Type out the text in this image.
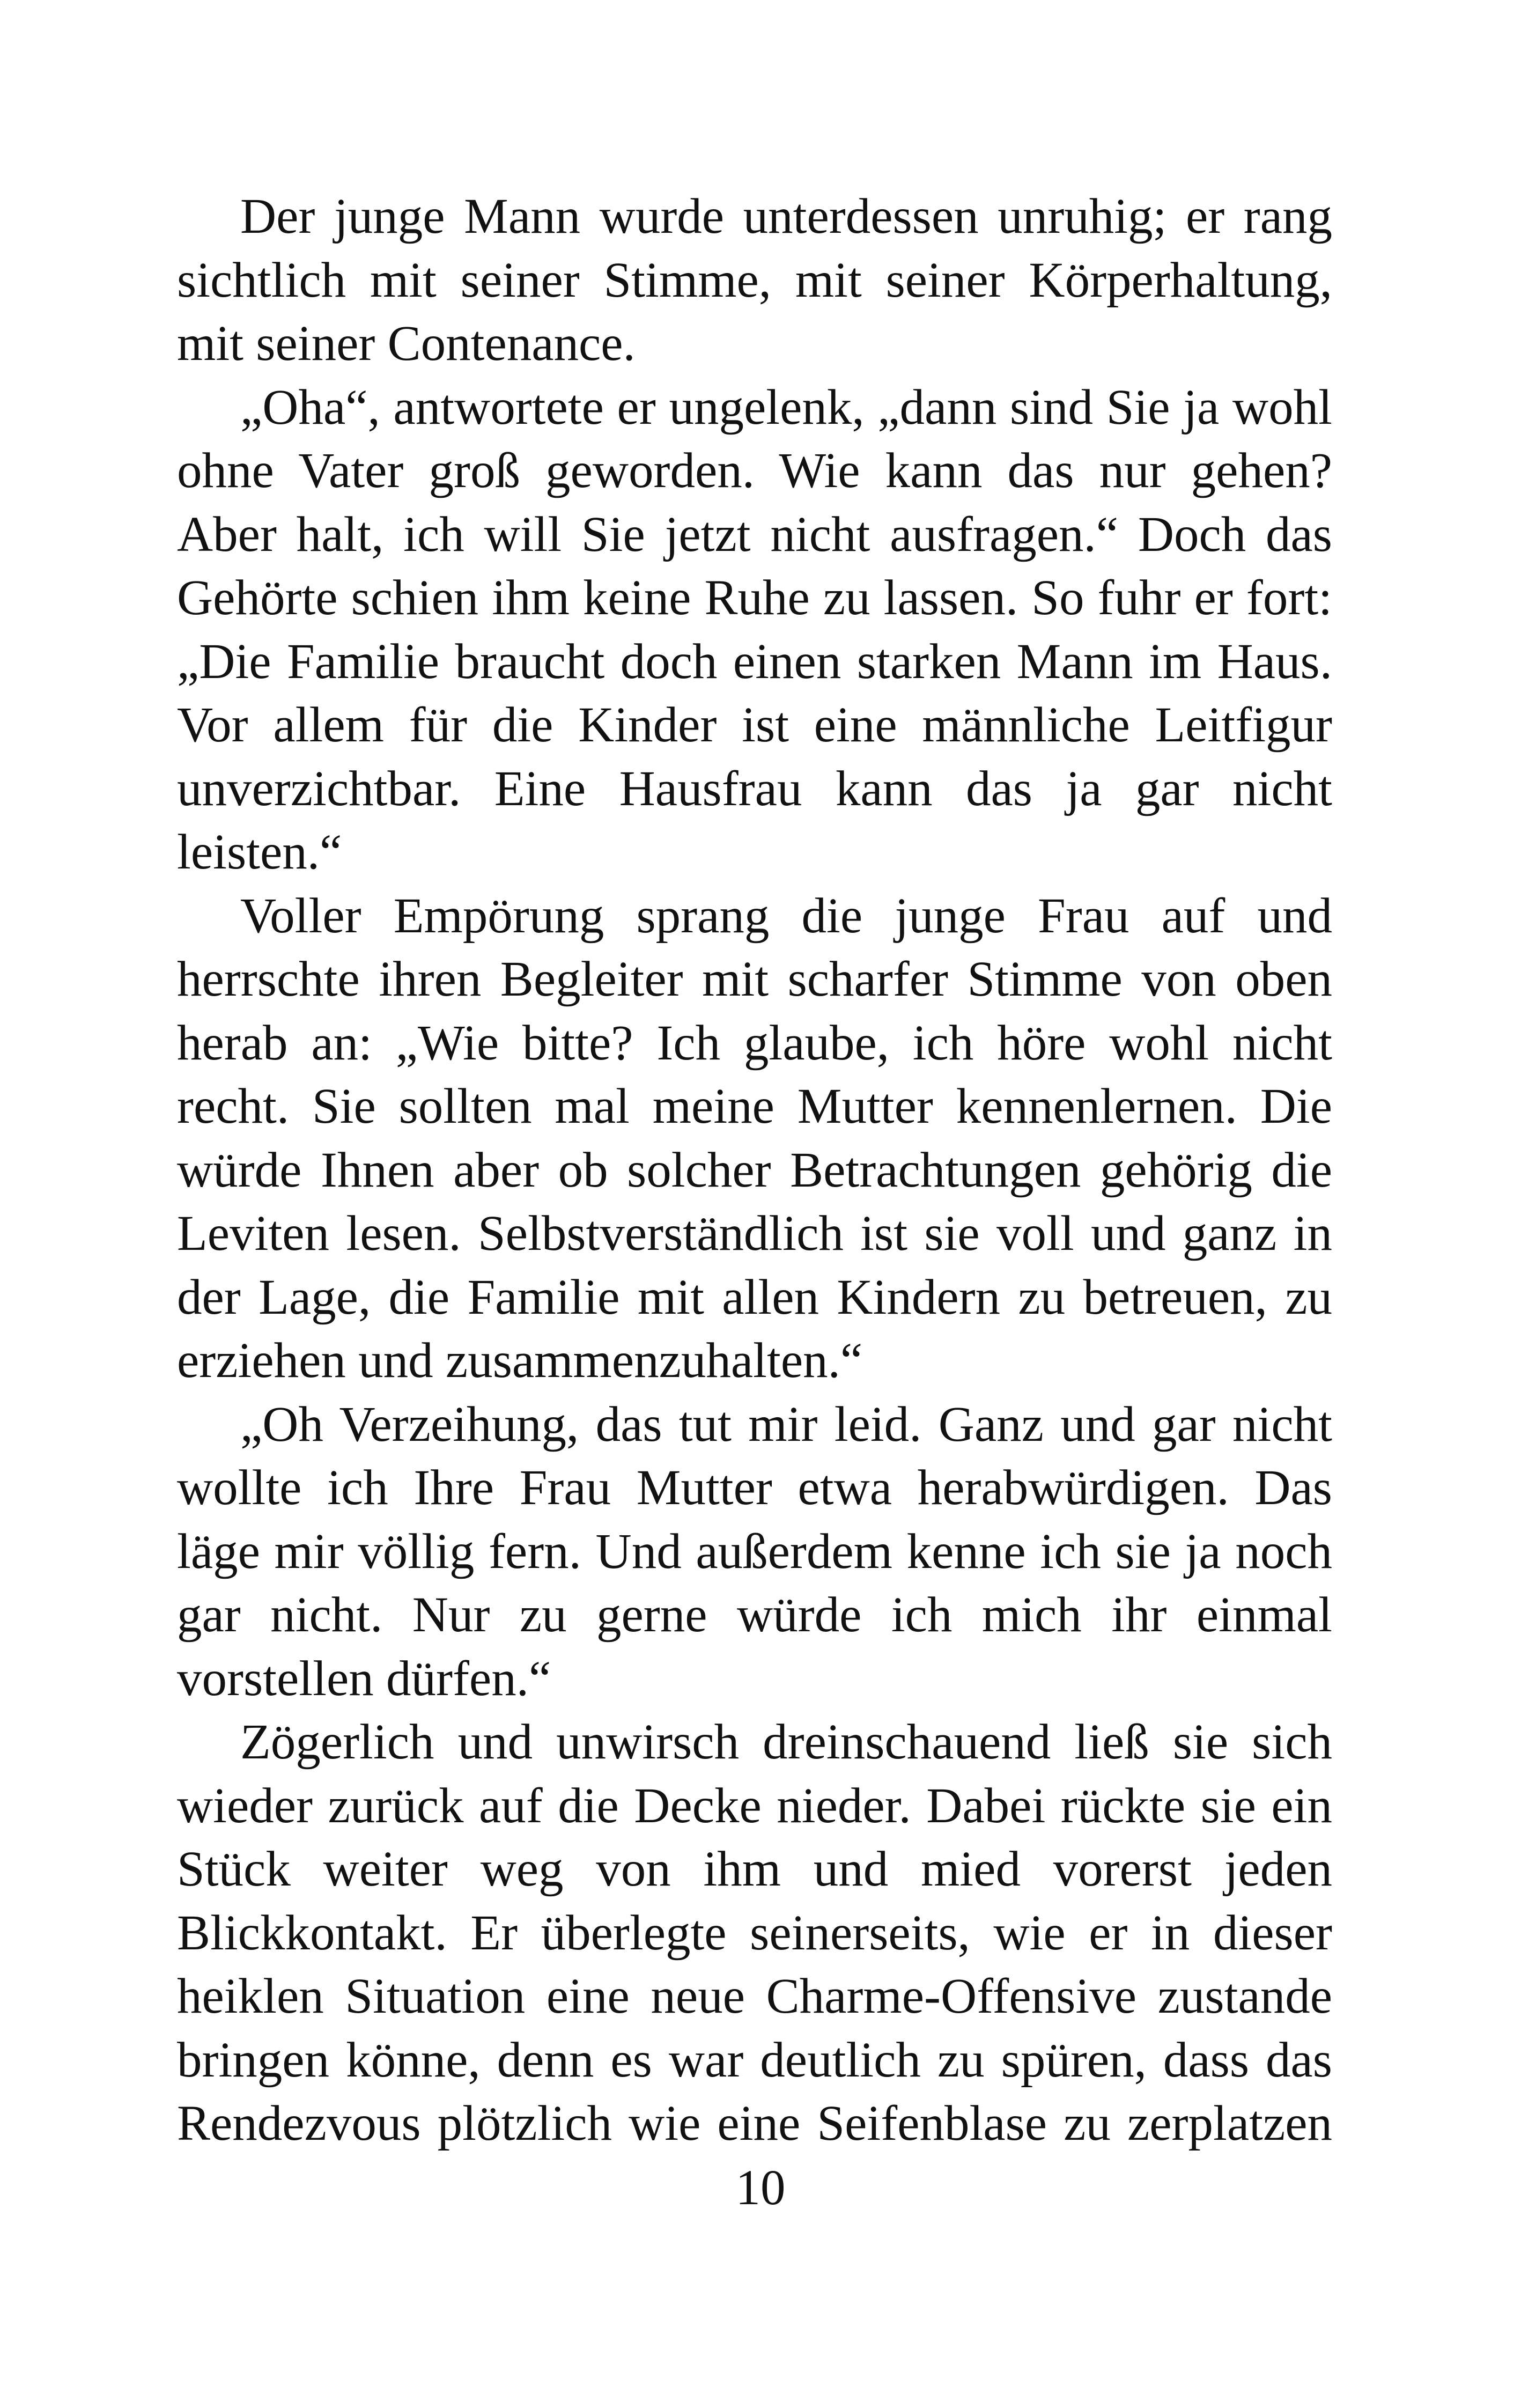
Der junge Mann wurde unterdessen unruhig; er rang sichtlich mit seiner Stimme, mit seiner Körperhaltung, mit seiner Contenance.

„Oha“, antwortete er ungelenk, „dann sind Sie ja wohl ohne Vater groß geworden. Wie kann das nur gehen? Aber halt, ich will Sie jetzt nicht ausfragen.“ Doch das Gehörte schien ihm keine Ruhe zu lassen. So fuhr er fort: „Die Familie braucht doch einen starken Mann im Haus. Vor allem für die Kinder ist eine männliche Leitfigur unverzichtbar. Eine Hausfrau kann das ja gar nicht leisten.“

Voller Empörung sprang die junge Frau auf und herrschte ihren Begleiter mit scharfer Stimme von oben herab an: „Wie bitte? Ich glaube, ich höre wohl nicht recht. Sie sollten mal meine Mutter kennenlernen. Die würde Ihnen aber ob solcher Betrachtungen gehörig die Leviten lesen. Selbstverständlich ist sie voll und ganz in der Lage, die Familie mit allen Kindern zu betreuen, zu erziehen und zusammenzuhalten.“

„Oh Verzeihung, das tut mir leid. Ganz und gar nicht wollte ich Ihre Frau Mutter etwa herabwürdigen. Das läge mir völlig fern. Und außerdem kenne ich sie ja noch gar nicht. Nur zu gerne würde ich mich ihr einmal vorstellen dürfen.“

Zögerlich und unwirsch dreinschauend ließ sie sich wieder zurück auf die Decke nieder. Dabei rückte sie ein Stück weiter weg von ihm und mied vorerst jeden Blickkontakt. Er überlegte seinerseits, wie er in dieser heiklen Situation eine neue Charme-Offensive zustande bringen könne, denn es war deutlich zu spüren, dass das Rendezvous plötzlich wie eine Seifenblase zu zerplatzen

10
